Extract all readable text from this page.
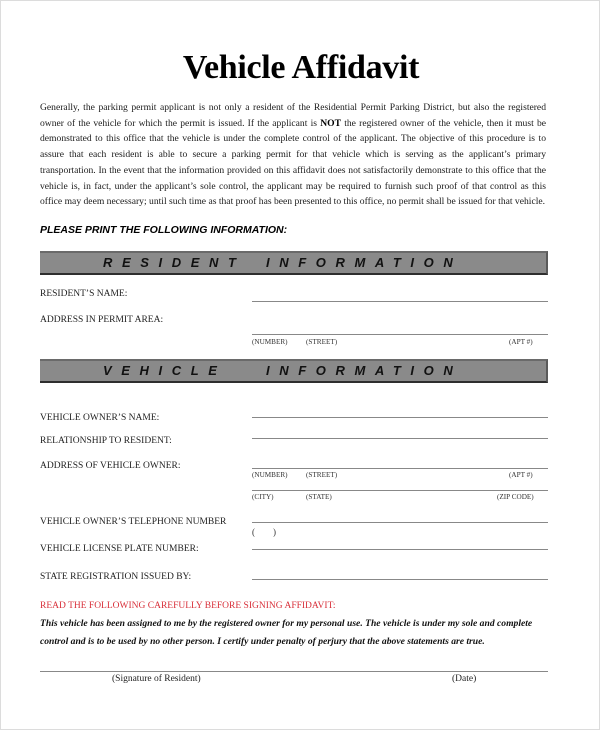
Vehicle Affidavit
Generally, the parking permit applicant is not only a resident of the Residential Permit Parking District, but also the registered owner of the vehicle for which the permit is issued. If the applicant is NOT the registered owner of the vehicle, then it must be demonstrated to this office that the vehicle is under the complete control of the applicant. The objective of this procedure is to assure that each resident is able to secure a parking permit for that vehicle which is serving as the applicant’s primary transportation. In the event that the information provided on this affidavit does not satisfactorily demonstrate to this office that the vehicle is, in fact, under the applicant’s sole control, the applicant may be required to furnish such proof of that control as this office may deem necessary; until such time as that proof has been presented to this office, no permit shall be issued for that vehicle.
PLEASE PRINT THE FOLLOWING INFORMATION:
RESIDENT INFORMATION
RESIDENT’S NAME:
ADDRESS IN PERMIT AREA:
(NUMBER)	(STREET)	(APT #)
VEHICLE	INFORMATION
VEHICLE OWNER’S NAME:
RELATIONSHIP TO RESIDENT:
ADDRESS OF VEHICLE OWNER:
(NUMBER)	(STREET)	(APT #)
(CITY)	(STATE)	(ZIP CODE)
VEHICLE OWNER’S TELEPHONE NUMBER
(        )
VEHICLE LICENSE PLATE NUMBER:
STATE REGISTRATION ISSUED BY:
READ THE FOLLOWING CAREFULLY BEFORE SIGNING AFFIDAVIT:
This vehicle has been assigned to me by the registered owner for my personal use. The vehicle is under my sole and complete control and is to be used by no other person. I certify under penalty of perjury that the above statements are true.
(Signature of Resident)	(Date)
